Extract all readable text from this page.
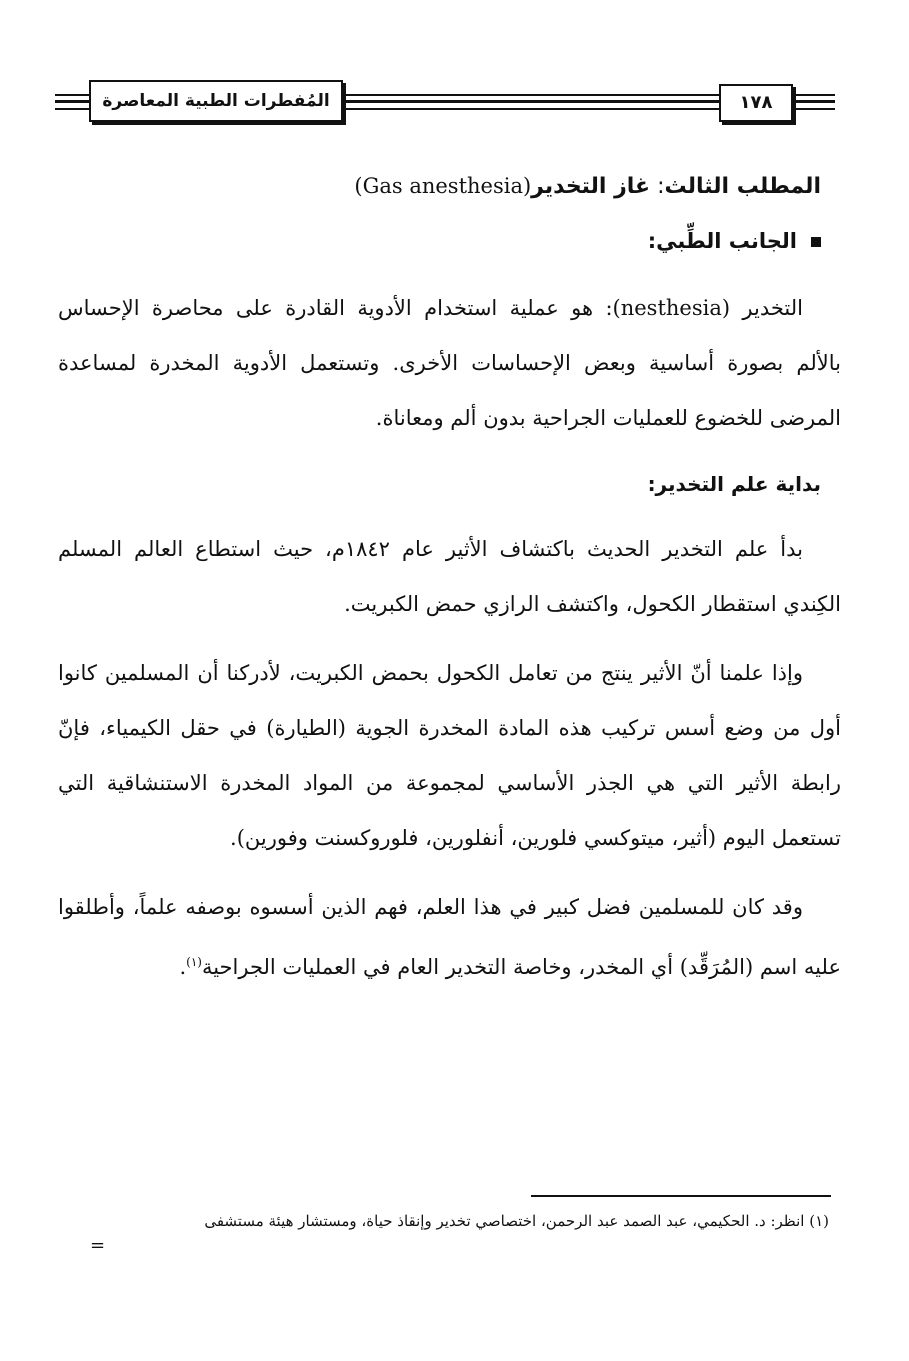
١٧٨
المُفطرات الطبية المعاصرة
المطلب الثالث: غاز التخدير(Gas anesthesia)
الجانب الطِّبي:

التخدير (nesthesia): هو عملية استخدام الأدوية القادرة على محاصرة الإحساس بالألم بصورة أساسية وبعض الإحساسات الأخرى. وتستعمل الأدوية المخدرة لمساعدة المرضى للخضوع للعمليات الجراحية بدون ألم ومعاناة.

بداية علم التخدير:

بدأ علم التخدير الحديث باكتشاف الأثير عام ١٨٤٢م، حيث استطاع العالم المسلم الكِندي استقطار الكحول، واكتشف الرازي حمض الكبريت.

وإذا علمنا أنّ الأثير ينتج من تعامل الكحول بحمض الكبريت، لأدركنا أن المسلمين كانوا أول من وضع أسس تركيب هذه المادة المخدرة الجوية (الطيارة) في حقل الكيمياء، فإنّ رابطة الأثير التي هي الجذر الأساسي لمجموعة من المواد المخدرة الاستنشاقية التي تستعمل اليوم (أثير، ميتوكسي فلورين، أنفلورين، فلوروكسنت وفورين).

وقد كان للمسلمين فضل كبير في هذا العلم، فهم الذين أسسوه بوصفه علماً، وأطلقوا عليه اسم (المُرَقِّد) أي المخدر، وخاصة التخدير العام في العمليات الجراحية$^{(١)}$.

(١) انظر: د. الحكيمي، عبد الصمد عبد الرحمن، اختصاصي تخدير وإنقاذ حياة، ومستشار هيئة مستشفى
=
